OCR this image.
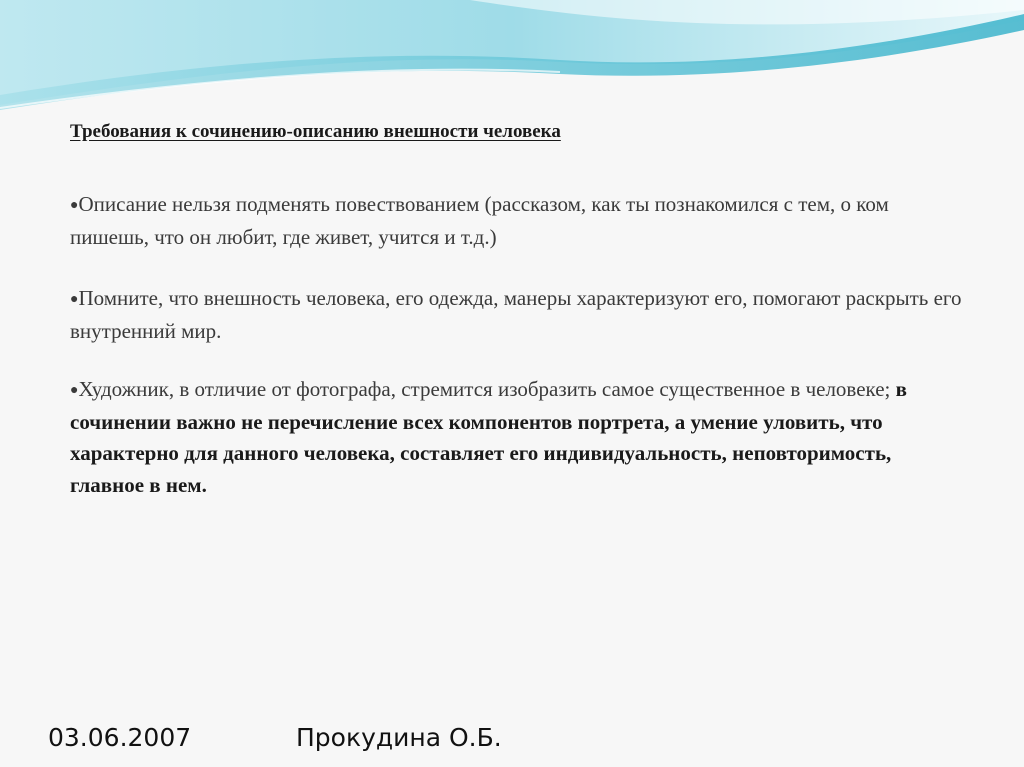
Требования к сочинению-описанию внешности человека

●Описание нельзя подменять повествованием (рассказом, как ты познакомился с тем, о ком пишешь, что он любит, где живет, учится и т.д.)

●Помните, что внешность человека, его одежда, манеры характеризуют его, помогают раскрыть его внутренний мир.

●Художник, в отличие от фотографа, стремится изобразить самое существенное в человеке; в сочинении важно не перечисление всех компонентов портрета, а умение уловить, что характерно для данного человека, составляет его индивидуальность, неповторимость, главное в нем.

03.06.2007	Прокудина О.Б.
